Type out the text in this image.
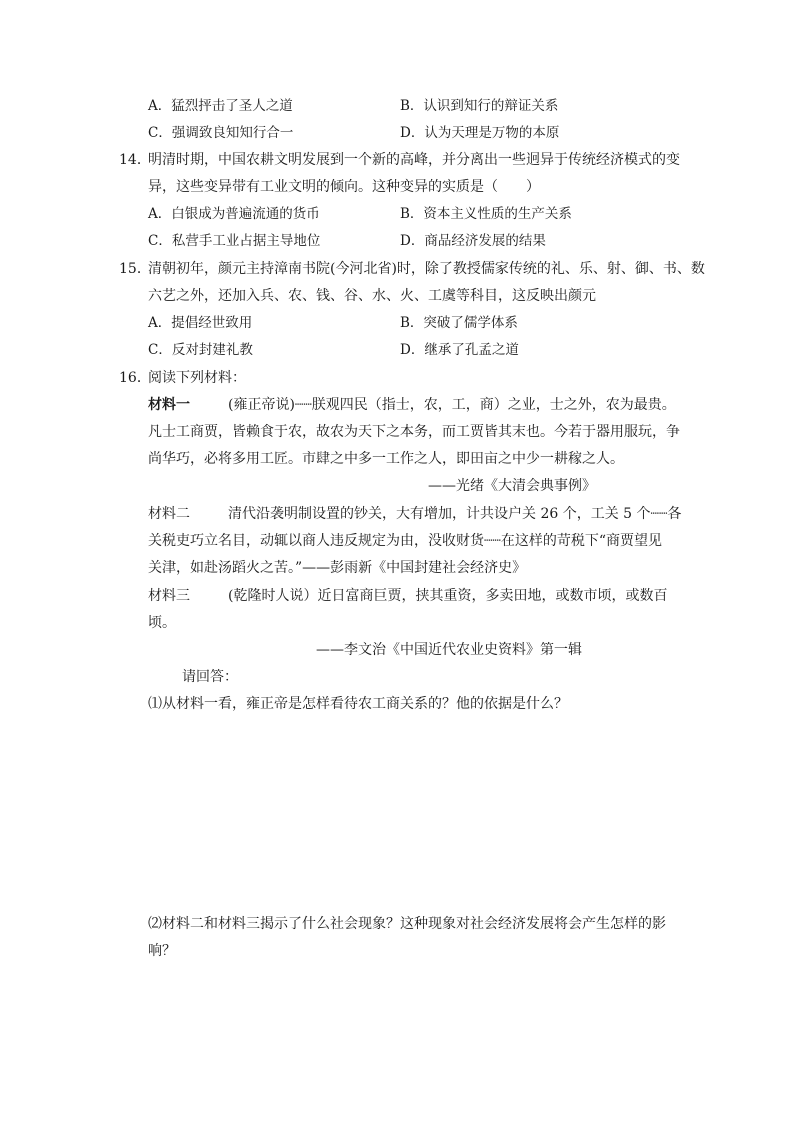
A．猛烈抨击了圣人之道	B．认识到知行的辩证关系
C．强调致良知知行合一	D．认为天理是万物的本原
14．
明清时期，中国农耕文明发展到一个新的高峰，并分离出一些迥异于传统经济模式的变
异，这些变异带有工业文明的倾向。这种变异的实质是（　　）
A．白银成为普遍流通的货币	B．资本主义性质的生产关系
C．私营手工业占据主导地位	D．商品经济发展的结果
15．
清朝初年，颜元主持漳南书院(今河北省)时，除了教授儒家传统的礼、乐、射、御、书、数
六艺之外，还加入兵、农、钱、谷、水、火、工虞等科目，这反映出颜元
A．提倡经世致用	B．突破了儒学体系
C．反对封建礼教	D．继承了孔孟之道
16．
阅读下列材料：
材料一	(雍正帝说)┈┈朕观四民（指士，农，工，商）之业，士之外，农为最贵。
凡士工商贾，皆赖食于农，故农为天下之本务，而工贾皆其末也。今若于器用服玩，争
尚华巧，必将多用工匠。市肆之中多一工作之人，即田亩之中少一耕稼之人。
——光绪《大清会典事例》
材料二	清代沿袭明制设置的钞关，大有增加，计共设户关 26 个，工关 5 个┈┈各
关税吏巧立名目，动辄以商人违反规定为由，没收财货┈┈在这样的苛税下“商贾望见
关津，如赴汤蹈火之苦。”——彭雨新《中国封建社会经济史》
材料三	(乾隆时人说）近日富商巨贾，挟其重资，多卖田地，或数市顷，或数百
顷。
——李文治《中国近代农业史资料》第一辑
请回答：
⑴从材料一看，雍正帝是怎样看待农工商关系的？他的依据是什么？
⑵材料二和材料三揭示了什么社会现象？这种现象对社会经济发展将会产生怎样的影
响？
